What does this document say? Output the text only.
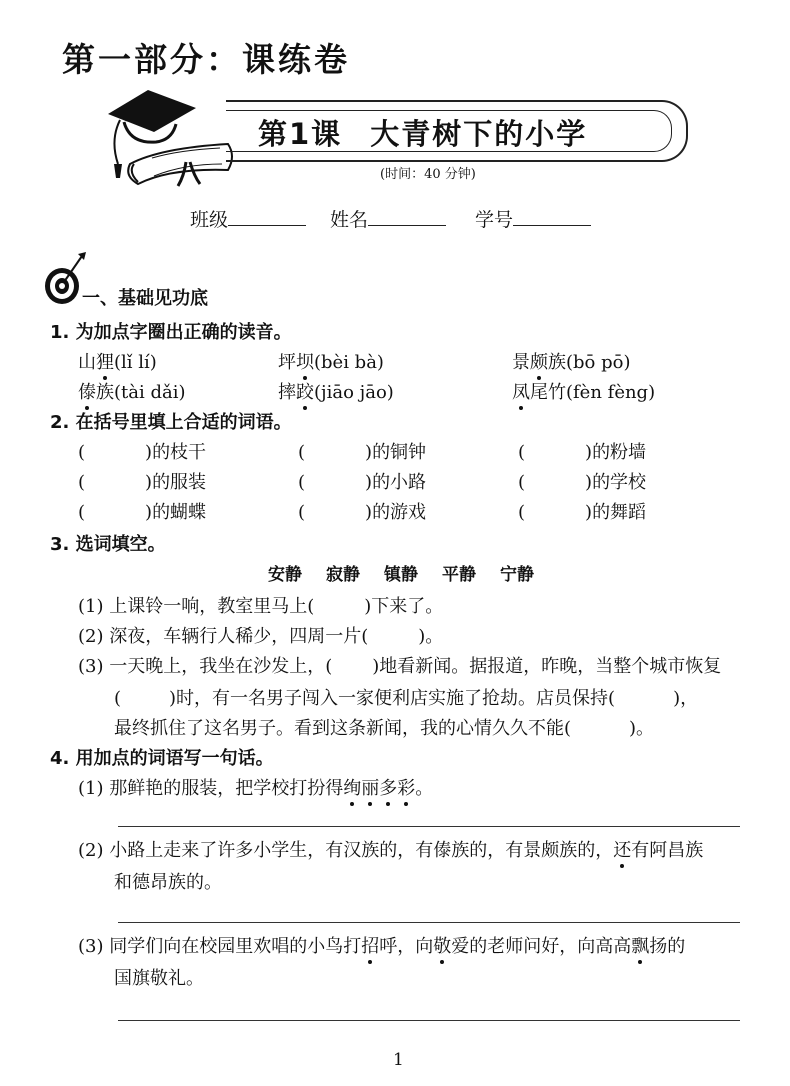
第一部分：课练卷
第1课 大青树下的小学
(时间：40 分钟)
班级	姓名	学号
一、基础见功底
1. 为加点字圈出正确的读音。
山狸(lǐ lí)	坪坝(bèi bà)	景颇族(bō pō)
傣族(tài dǎi)	摔跤(jiāo jāo)	凤尾竹(fèn fèng)
2. 在括号里填上合适的词语。
(	)的枝干	(	)的铜钟	(	)的粉墙
(	)的服装	(	)的小路	(	)的学校
(	)的蝴蝶	(	)的游戏	(	)的舞蹈
3. 选词填空。
安静 寂静 镇静 平静 宁静
(1) 上课铃一响，教室里马上(	)下来了。
(2) 深夜，车辆行人稀少，四周一片(	)。
(3) 一天晚上，我坐在沙发上，( )地看新闻。据报道，昨晚，当整个城市恢复
(	)时，有一名男子闯入一家便利店实施了抢劫。店员保持(	)，
最终抓住了这名男子。看到这条新闻，我的心情久久不能(	)。
4. 用加点的词语写一句话。
(1) 那鲜艳的服装，把学校打扮得绚丽多彩。
(2) 小路上走来了许多小学生，有汉族的，有傣族的，有景颇族的，还有阿昌族
和德昂族的。
(3) 同学们向在校园里欢唱的小鸟打招呼，向敬爱的老师问好，向高高飘扬的
国旗敬礼。
1
